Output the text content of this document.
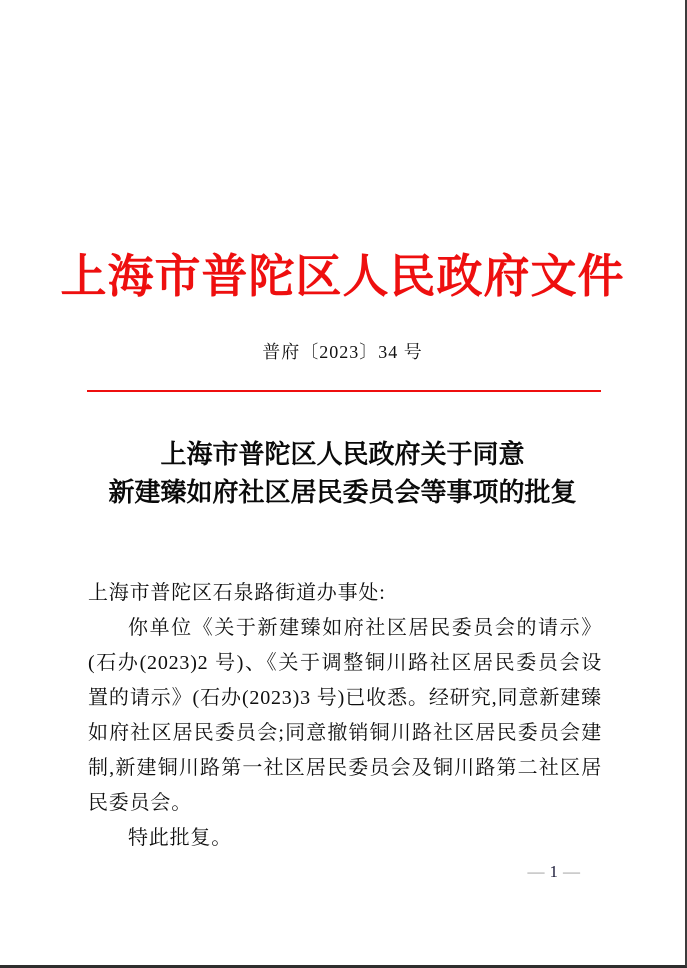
上海市普陀区人民政府文件
普府〔2023〕34 号
上海市普陀区人民政府关于同意
新建臻如府社区居民委员会等事项的批复

上海市普陀区石泉路街道办事处:

你单位《关于新建臻如府社区居民委员会的请示》(石办(2023)2 号)、《关于调整铜川路社区居民委员会设置的请示》(石办(2023)3 号)已收悉。经研究,同意新建臻如府社区居民委员会;同意撤销铜川路社区居民委员会建制,新建铜川路第一社区居民委员会及铜川路第二社区居民委员会。

特此批复。

— 1 —
